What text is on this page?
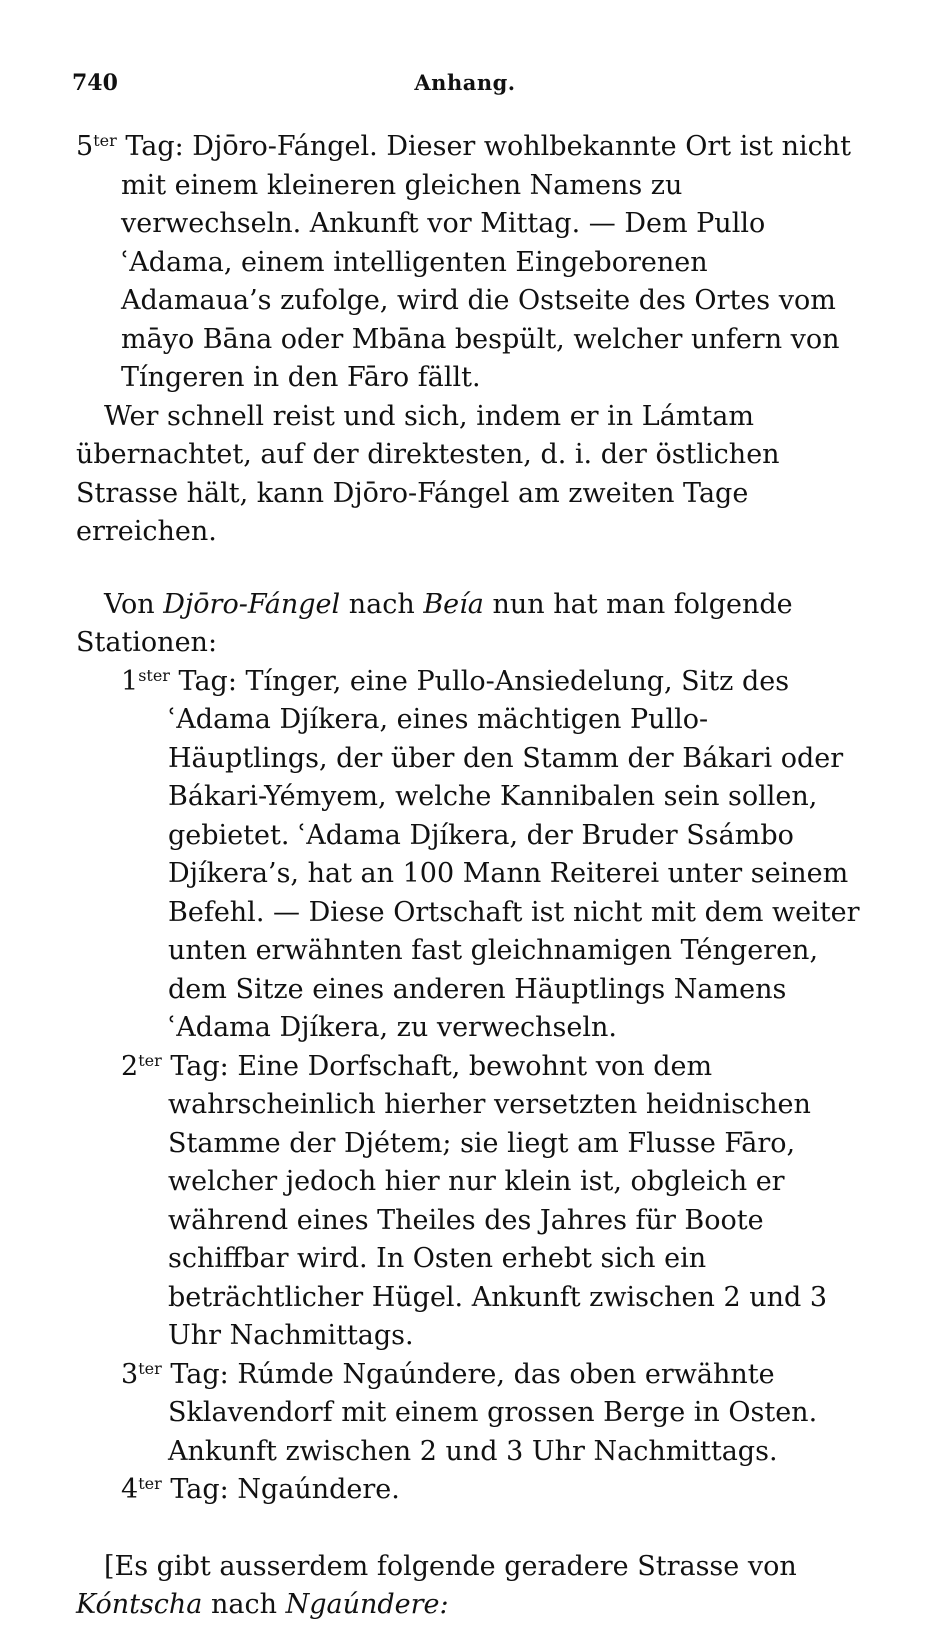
740	Anhang.

$5^{ter}$ Tag: Djōro-Fángel. Dieser wohlbekannte Ort ist nicht mit einem kleineren gleichen Namens zu verwechseln. Ankunft vor Mittag. — Dem Pullo ʿAdama, einem intelligenten Eingeborenen Adamaua’s zufolge, wird die Ostseite des Ortes vom māyo Bāna oder Mbāna bespült, welcher unfern von Tíngeren in den Fāro fällt.

Wer schnell reist und sich, indem er in Lámtam übernachtet, auf der direktesten, d. i. der östlichen Strasse hält, kann Djōro-Fángel am zweiten Tage erreichen.

Von Djōro-Fángel nach Beía nun hat man folgende Stationen:

$1^{ster}$ Tag: Tínger, eine Pullo-Ansiedelung, Sitz des ʿAdama Djíkera, eines mächtigen Pullo-Häuptlings, der über den Stamm der Bákari oder Bákari-Yémyem, welche Kannibalen sein sollen, gebietet. ʿAdama Djíkera, der Bruder Ssámbo Djíkera’s, hat an 100 Mann Reiterei unter seinem Befehl. — Diese Ortschaft ist nicht mit dem weiter unten erwähnten fast gleichnamigen Téngeren, dem Sitze eines anderen Häuptlings Namens ʿAdama Djíkera, zu verwechseln.

$2^{ter}$ Tag: Eine Dorfschaft, bewohnt von dem wahrscheinlich hierher versetzten heidnischen Stamme der Djétem; sie liegt am Flusse Fāro, welcher jedoch hier nur klein ist, obgleich er während eines Theiles des Jahres für Boote schiffbar wird. In Osten erhebt sich ein beträchtlicher Hügel. Ankunft zwischen 2 und 3 Uhr Nachmittags.

$3^{ter}$ Tag: Rúmde Ngaúndere, das oben erwähnte Sklavendorf mit einem grossen Berge in Osten. Ankunft zwischen 2 und 3 Uhr Nachmittags.

$4^{ter}$ Tag: Ngaúndere.

[Es gibt ausserdem folgende geradere Strasse von Kóntscha nach Ngaúndere:
